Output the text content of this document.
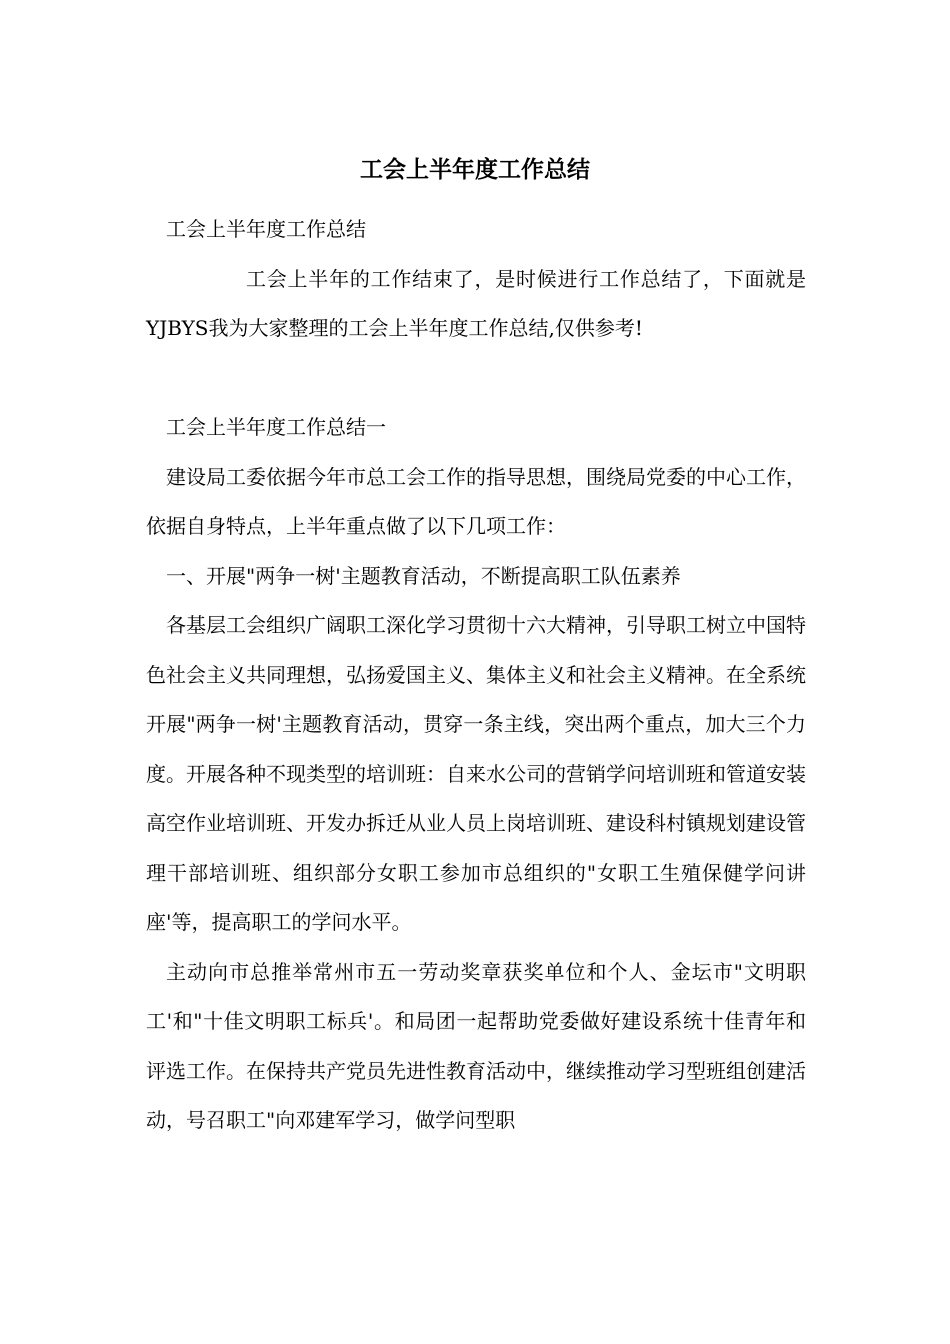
工会上半年度工作总结

工会上半年度工作总结

工会上半年的工作结束了，是时候进行工作总结了，下面就是YJBYS我为大家整理的工会上半年度工作总结,仅供参考!

工会上半年度工作总结一

建设局工委依据今年市总工会工作的指导思想，围绕局党委的中心工作，依据自身特点，上半年重点做了以下几项工作：

一、开展"两争一树'主题教育活动，不断提高职工队伍素养

各基层工会组织广阔职工深化学习贯彻十六大精神，引导职工树立中国特色社会主义共同理想，弘扬爱国主义、集体主义和社会主义精神。在全系统开展"两争一树'主题教育活动，贯穿一条主线，突出两个重点，加大三个力度。开展各种不现类型的培训班：自来水公司的营销学问培训班和管道安装高空作业培训班、开发办拆迁从业人员上岗培训班、建设科村镇规划建设管理干部培训班、组织部分女职工参加市总组织的"女职工生殖保健学问讲座'等，提高职工的学问水平。

主动向市总推举常州市五一劳动奖章获奖单位和个人、金坛市"文明职工'和"十佳文明职工标兵'。和局团一起帮助党委做好建设系统十佳青年和评选工作。在保持共产党员先进性教育活动中，继续推动学习型班组创建活动，号召职工"向邓建军学习，做学问型职
